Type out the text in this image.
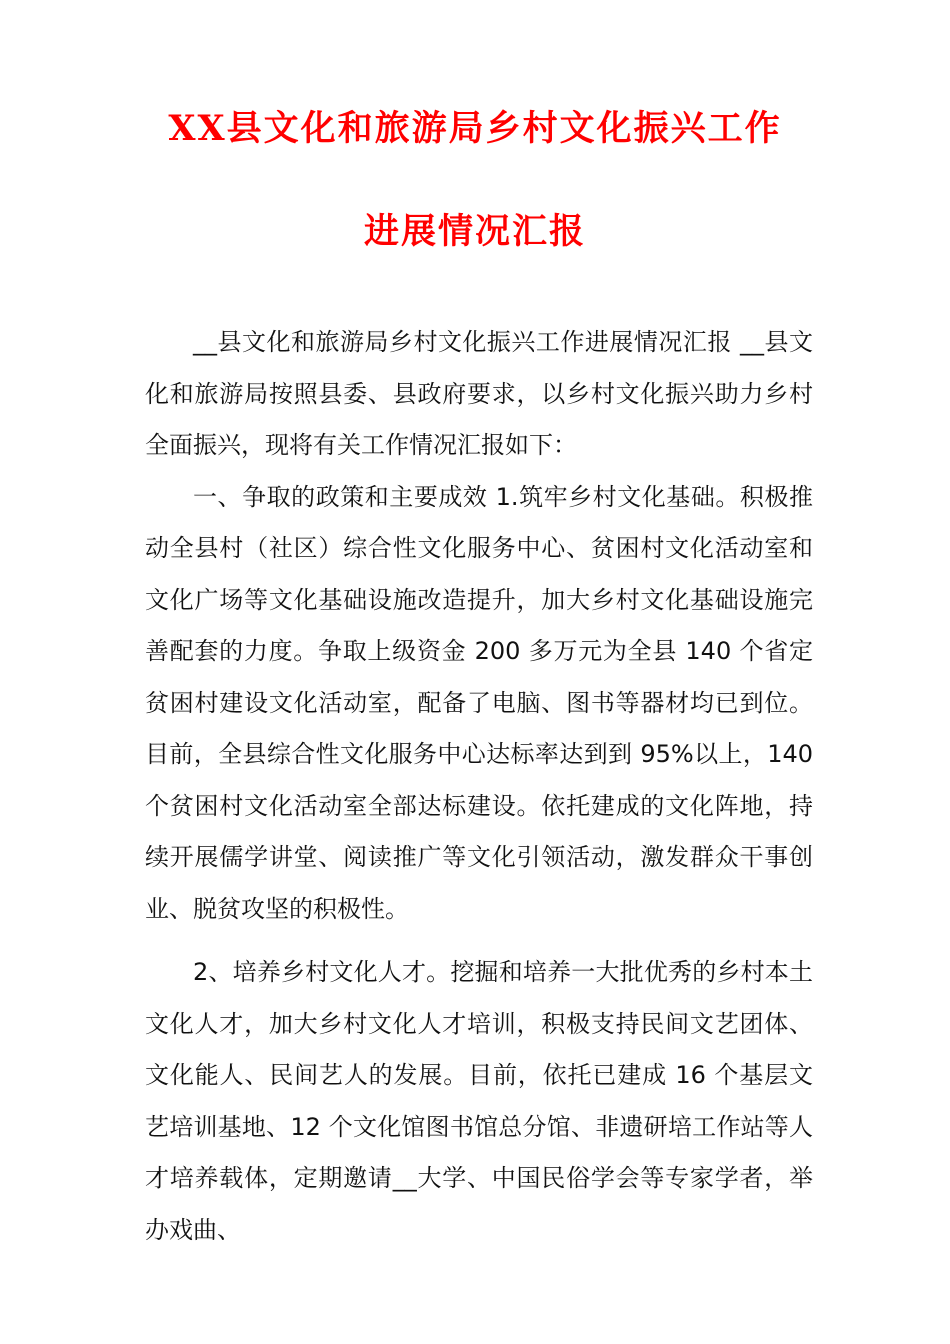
XX县文化和旅游局乡村文化振兴工作
进展情况汇报

__县文化和旅游局乡村文化振兴工作进展情况汇报 __县文化和旅游局按照县委、县政府要求，以乡村文化振兴助力乡村全面振兴，现将有关工作情况汇报如下：

一、争取的政策和主要成效 1.筑牢乡村文化基础。积极推动全县村（社区）综合性文化服务中心、贫困村文化活动室和文化广场等文化基础设施改造提升，加大乡村文化基础设施完善配套的力度。争取上级资金 200 多万元为全县 140 个省定贫困村建设文化活动室，配备了电脑、图书等器材均已到位。目前，全县综合性文化服务中心达标率达到到 95%以上，140 个贫困村文化活动室全部达标建设。依托建成的文化阵地，持续开展儒学讲堂、阅读推广等文化引领活动，激发群众干事创业、脱贫攻坚的积极性。

2、培养乡村文化人才。挖掘和培养一大批优秀的乡村本土文化人才，加大乡村文化人才培训，积极支持民间文艺团体、文化能人、民间艺人的发展。目前，依托已建成 16 个基层文艺培训基地、12 个文化馆图书馆总分馆、非遗研培工作站等人才培养载体，定期邀请__大学、中国民俗学会等专家学者，举办戏曲、
